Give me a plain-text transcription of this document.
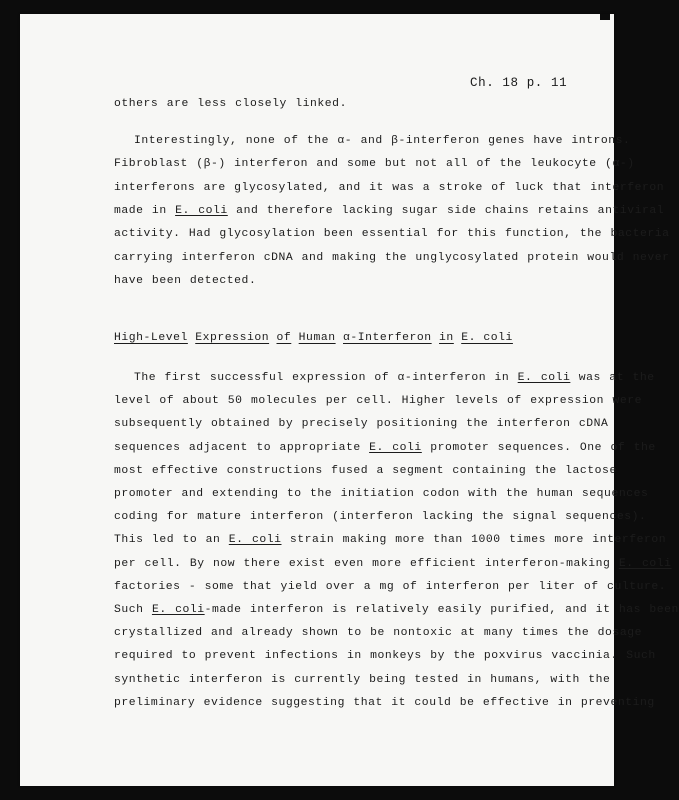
Ch. 18 p. 11
others are less closely linked.
Interestingly, none of the α- and β-interferon genes have introns.
Fibroblast (β-) interferon and some but not all of the leukocyte (α-)
interferons are glycosylated, and it was a stroke of luck that interferon
made in E. coli and therefore lacking sugar side chains retains antiviral
activity. Had glycosylation been essential for this function, the bacteria
carrying interferon cDNA and making the unglycosylated protein would never
have been detected.
High-Level Expression of Human α-Interferon in E. coli
The first successful expression of α-interferon in E. coli was at the
level of about 50 molecules per cell. Higher levels of expression were
subsequently obtained by precisely positioning the interferon cDNA
sequences adjacent to appropriate E. coli promoter sequences. One of the
most effective constructions fused a segment containing the lactose
promoter and extending to the initiation codon with the human sequences
coding for mature interferon (interferon lacking the signal sequences).
This led to an E. coli strain making more than 1000 times more interferon
per cell. By now there exist even more efficient interferon-making E. coli
factories - some that yield over a mg of interferon per liter of culture.
Such E. coli-made interferon is relatively easily purified, and it has been
crystallized and already shown to be nontoxic at many times the dosage
required to prevent infections in monkeys by the poxvirus vaccinia. Such
synthetic interferon is currently being tested in humans, with the
preliminary evidence suggesting that it could be effective in preventing
